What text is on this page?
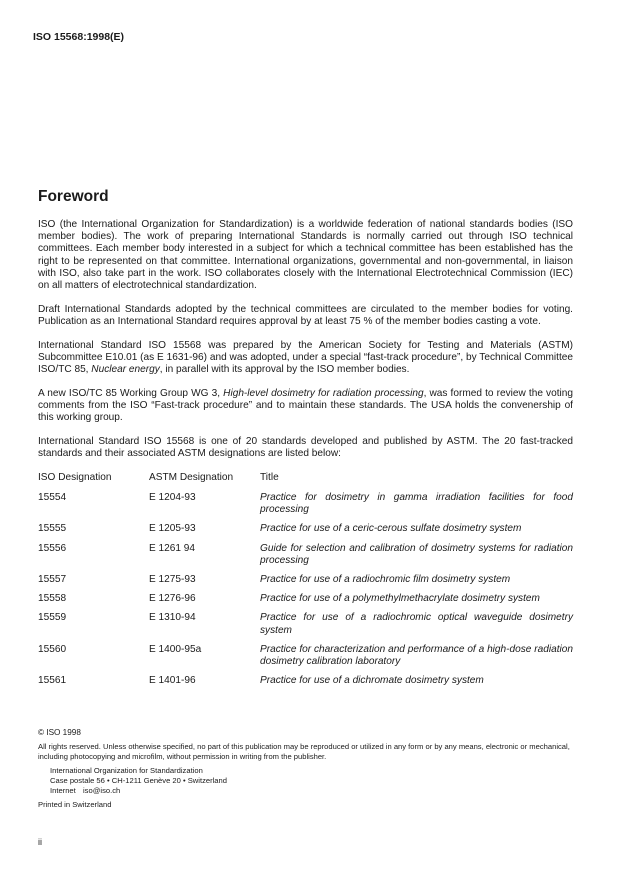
ISO 15568:1998(E)
Foreword

ISO (the International Organization for Standardization) is a worldwide federation of national standards bodies (ISO member bodies). The work of preparing International Standards is normally carried out through ISO technical committees. Each member body interested in a subject for which a technical committee has been established has the right to be represented on that committee. International organizations, governmental and non-governmental, in liaison with ISO, also take part in the work. ISO collaborates closely with the International Electrotechnical Commission (IEC) on all matters of electrotechnical standardization.

Draft International Standards adopted by the technical committees are circulated to the member bodies for voting. Publication as an International Standard requires approval by at least 75 % of the member bodies casting a vote.

International Standard ISO 15568 was prepared by the American Society for Testing and Materials (ASTM) Subcommittee E10.01 (as E 1631-96) and was adopted, under a special “fast-track procedure”, by Technical Committee ISO/TC 85, Nuclear energy, in parallel with its approval by the ISO member bodies.

A new ISO/TC 85 Working Group WG 3, High-level dosimetry for radiation processing, was formed to review the voting comments from the ISO “Fast-track procedure” and to maintain these standards. The USA holds the convenership of this working group.

International Standard ISO 15568 is one of 20 standards developed and published by ASTM. The 20 fast-tracked standards and their associated ASTM designations are listed below:

ISO Designation	ASTM Designation	Title
15554	E 1204-93	Practice for dosimetry in gamma irradiation facilities for food processing
15555	E 1205-93	Practice for use of a ceric-cerous sulfate dosimetry system
15556	E 1261 94	Guide for selection and calibration of dosimetry systems for radiation processing
15557	E 1275-93	Practice for use of a radiochromic film dosimetry system
15558	E 1276-96	Practice for use of a polymethylmethacrylate dosimetry system
15559	E 1310-94	Practice for use of a radiochromic optical waveguide dosimetry system
15560	E 1400-95a	Practice for characterization and performance of a high-dose radiation dosimetry calibration laboratory
15561	E 1401-96	Practice for use of a dichromate dosimetry system

© ISO 1998

All rights reserved. Unless otherwise specified, no part of this publication may be reproduced or utilized in any form or by any means, electronic or mechanical, including photocopying and microfilm, without permission in writing from the publisher.

International Organization for Standardization

Case postale 56 • CH-1211 Genève 20 • Switzerland

Internet iso@iso.ch

Printed in Switzerland

ii
